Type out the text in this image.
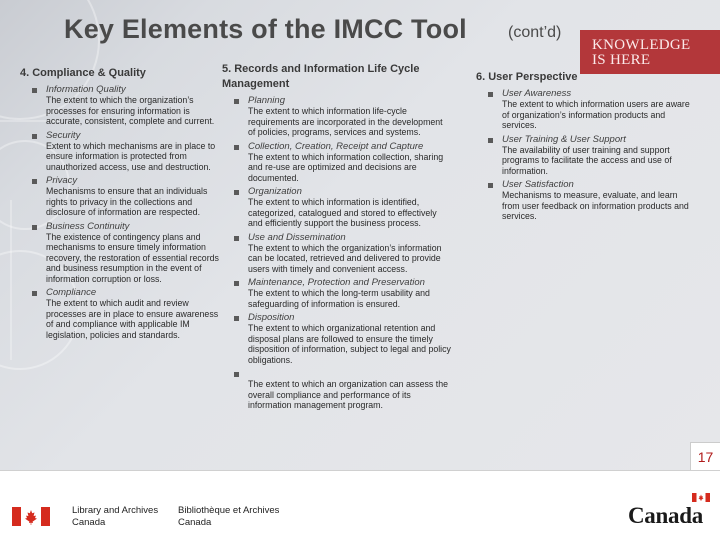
Key Elements of the IMCC Tool	(cont’d)
KNOWLEDGE
IS HERE
4. Compliance & Quality
Information Quality
The extent to which the organization’s processes for ensuring information is accurate, consistent, complete and current.
Security
Extent to which mechanisms are in place to ensure information is protected from unauthorized access, use and destruction.
Privacy
Mechanisms to ensure that an individuals rights to privacy in the collections and disclosure of information are respected.
Business Continuity
The existence of contingency plans and mechanisms to ensure timely information recovery, the restoration of essential records and business resumption in the event of information corruption or loss.
Compliance
The extent to which audit and review processes are in place to ensure awareness of and compliance with applicable IM legislation, policies and standards.
5. Records and Information Life Cycle Management
Planning
The extent to which information life-cycle requirements are incorporated in the development of policies, programs, services and systems.
Collection, Creation, Receipt and Capture
The extent to which information collection, sharing and re-use are optimized and decisions are documented.
Organization
The extent to which information is identified, categorized, catalogued and stored to effectively and efficiently support the business process.
Use and Dissemination
The extent to which the organization’s information can be located, retrieved and delivered to provide users with timely and convenient access.
Maintenance, Protection and Preservation
The extent to which the long-term usability and safeguarding of information is ensured.
Disposition
The extent to which organizational retention and disposal plans are followed to ensure the timely disposition of information, subject to legal and policy obligations.
The extent to which an organization can assess the overall compliance and performance of its information management program.
6. User Perspective
User Awareness
The extent to which information users are aware of organization’s information products and services.
User Training & User Support
The availability of user training and support programs to facilitate the access and use of information.
User Satisfaction
Mechanisms to measure, evaluate, and learn from user feedback on information products and services.
17
Library and Archives
Canada
Bibliothèque et Archives
Canada	Canada
